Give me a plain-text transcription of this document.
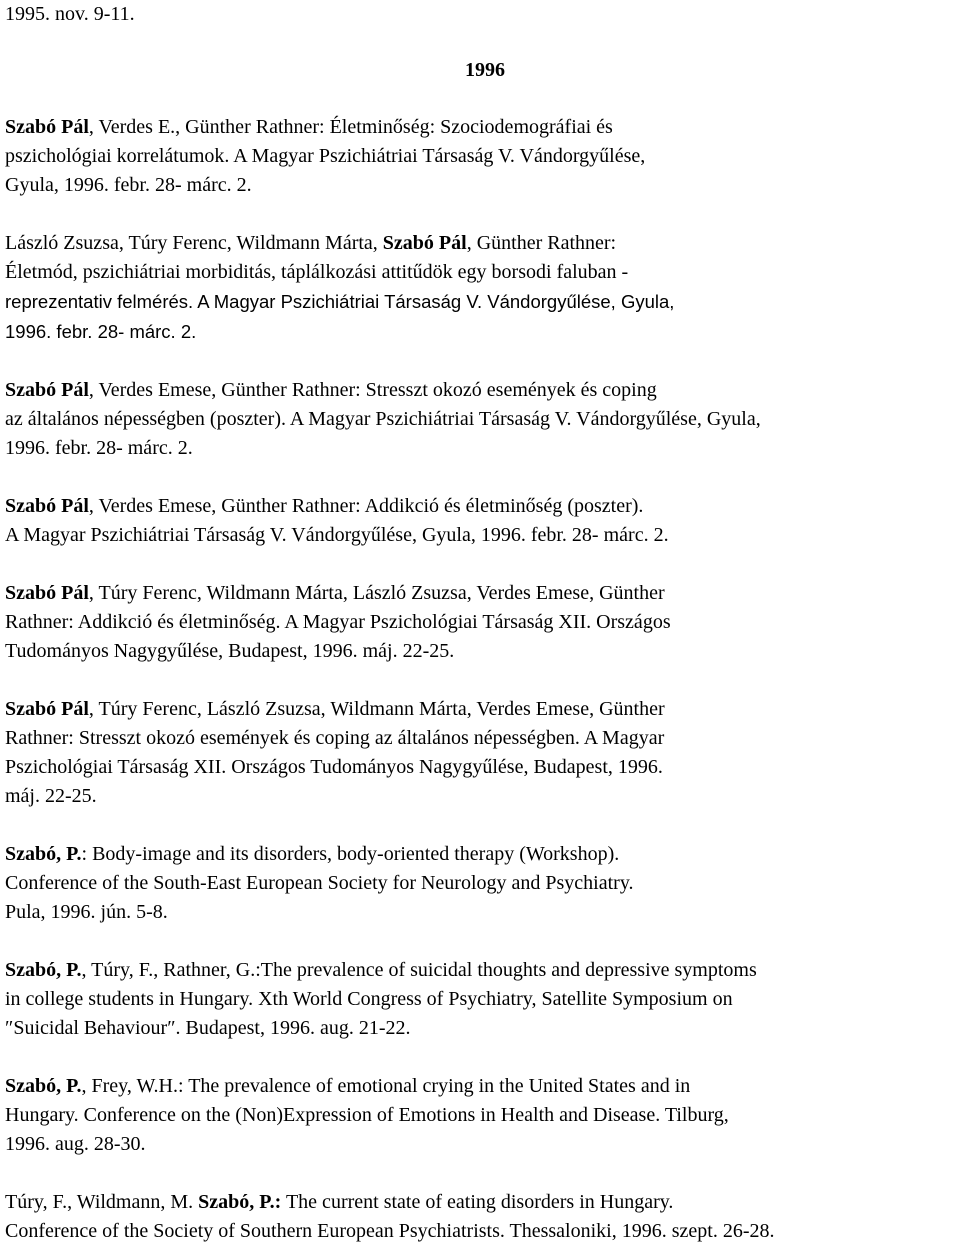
1995. nov. 9-11.

1996

Szabó Pál, Verdes E., Günther Rathner: Életminőség: Szociodemográfiai és
pszichológiai korrelátumok. A Magyar Pszichiátriai Társaság V. Vándorgyűlése,
Gyula, 1996. febr. 28- márc. 2.
László Zsuzsa, Túry Ferenc, Wildmann Márta, Szabó Pál, Günther Rathner:
Életmód, pszichiátriai morbiditás, táplálkozási attitűdök egy borsodi faluban -
reprezentativ felmérés. A Magyar Pszichiátriai Társaság V. Vándorgyűlése, Gyula,
1996. febr. 28- márc. 2.
Szabó Pál, Verdes Emese, Günther Rathner: Stresszt okozó események és coping
az általános népességben (poszter). A Magyar Pszichiátriai Társaság V. Vándorgyűlése, Gyula,
1996. febr. 28- márc. 2.
Szabó Pál, Verdes Emese, Günther Rathner: Addikció és életminőség (poszter).
A Magyar Pszichiátriai Társaság V. Vándorgyűlése, Gyula, 1996. febr. 28- márc. 2.
Szabó Pál, Túry Ferenc, Wildmann Márta, László Zsuzsa, Verdes Emese, Günther
Rathner: Addikció és életminőség. A Magyar Pszichológiai Társaság XII. Országos
Tudományos Nagygyűlése, Budapest, 1996. máj. 22-25.
Szabó Pál, Túry Ferenc, László Zsuzsa, Wildmann Márta, Verdes Emese, Günther
Rathner: Stresszt okozó események és coping az általános népességben. A Magyar
Pszichológiai Társaság XII. Országos Tudományos Nagygyűlése, Budapest, 1996.
máj. 22-25.
Szabó, P.: Body-image and its disorders, body-oriented therapy (Workshop).
Conference of the South-East European Society for Neurology and Psychiatry.
Pula, 1996. jún. 5-8.
Szabó, P., Túry, F., Rathner, G.:The prevalence of suicidal thoughts and depressive symptoms
in college students in Hungary. Xth World Congress of Psychiatry, Satellite Symposium on
″Suicidal Behaviour″. Budapest, 1996. aug. 21-22.
Szabó, P., Frey, W.H.: The prevalence of emotional crying in the United States and in
Hungary. Conference on the (Non)Expression of Emotions in Health and Disease. Tilburg,
1996. aug. 28-30.
Túry, F., Wildmann, M. Szabó, P.: The current state of eating disorders in Hungary.
Conference of the Society of Southern European Psychiatrists. Thessaloniki, 1996. szept. 26-28.
